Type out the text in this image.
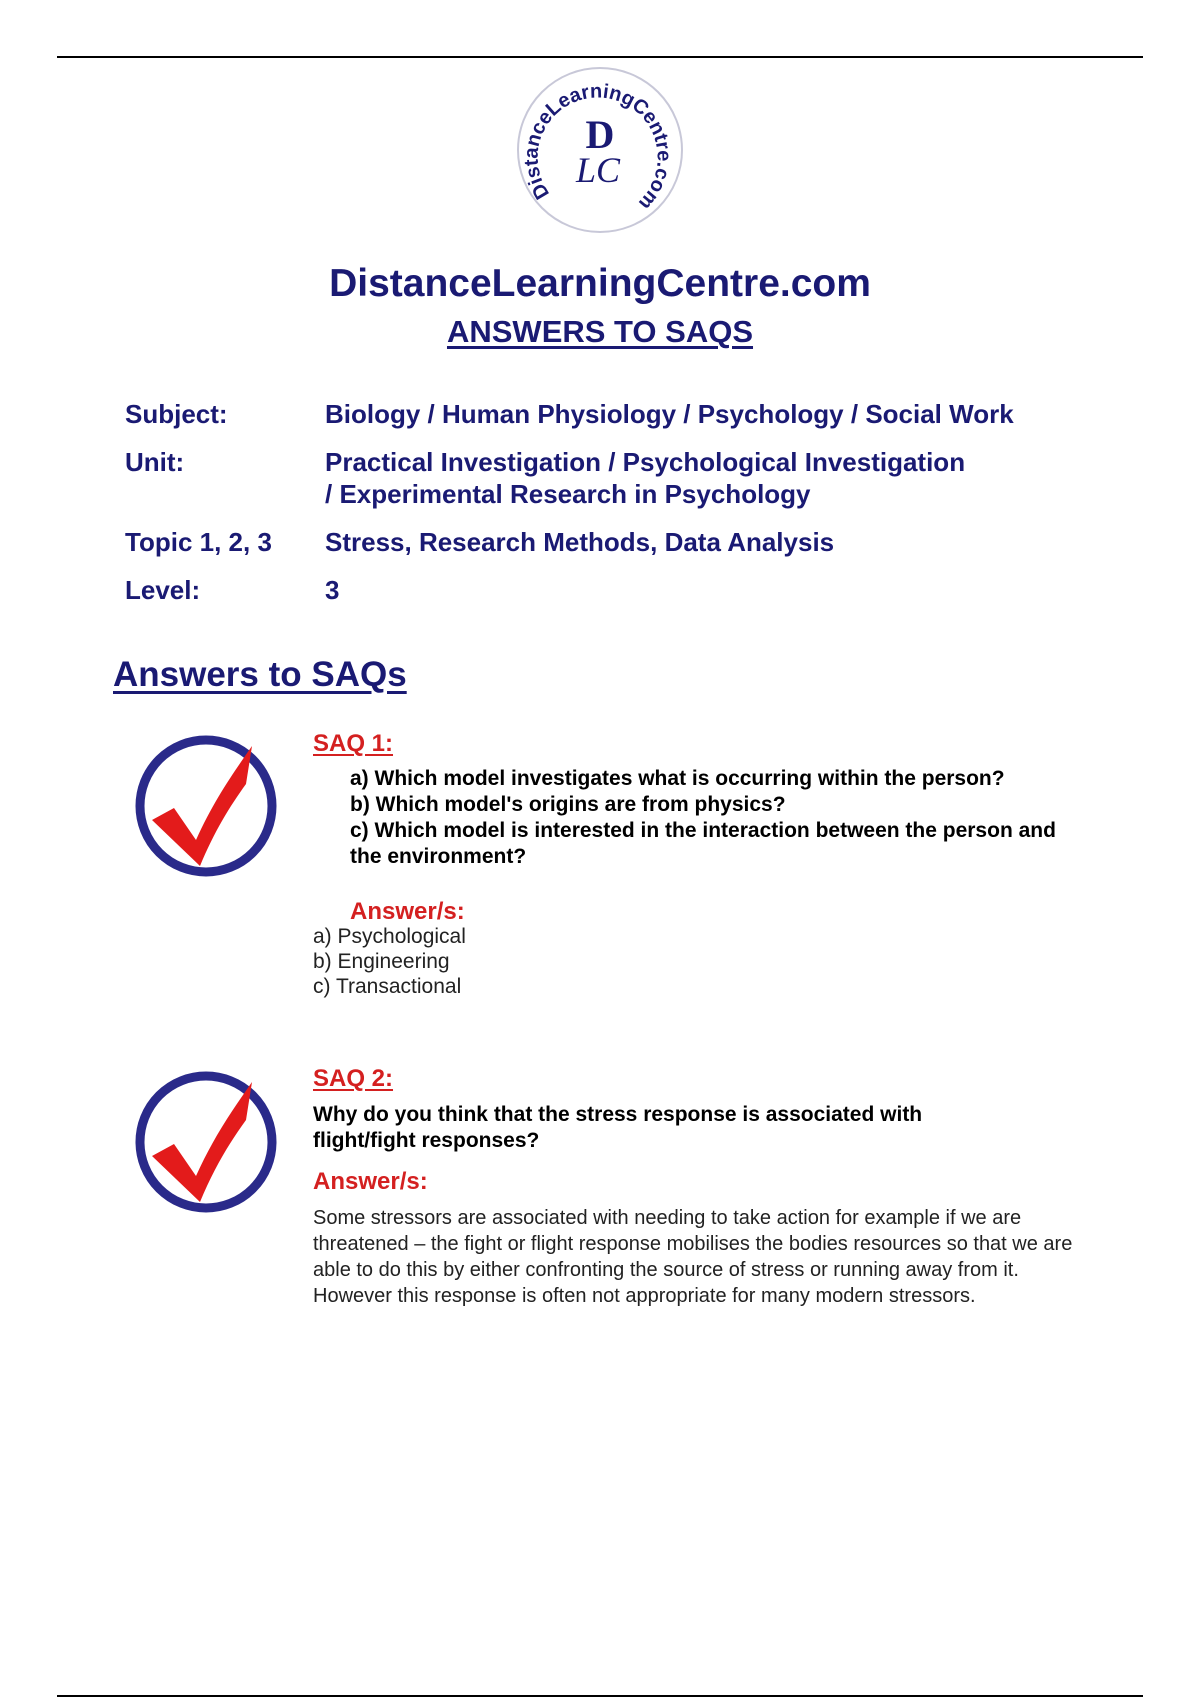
DistanceLearningCentre.com
D
LC
DistanceLearningCentre.com
ANSWERS TO SAQS
Subject:	Biology / Human Physiology / Psychology / Social Work
Unit:	Practical Investigation / Psychological Investigation / Experimental Research in Psychology
Topic 1, 2, 3	Stress, Research Methods, Data Analysis
Level:	3
Answers to SAQs
SAQ 1:
a) Which model investigates what is occurring within the person?
b) Which model's origins are from physics?
c) Which model is interested in the interaction between the person and the environment?
Answer/s:
a) Psychological
b) Engineering
c) Transactional
SAQ 2:
Why do you think that the stress response is associated with flight/fight responses?
Answer/s:
Some stressors are associated with needing to take action for example if we are threatened – the fight or flight response mobilises the bodies resources so that we are able to do this by either confronting the source of stress or running away from it. However this response is often not appropriate for many modern stressors.
